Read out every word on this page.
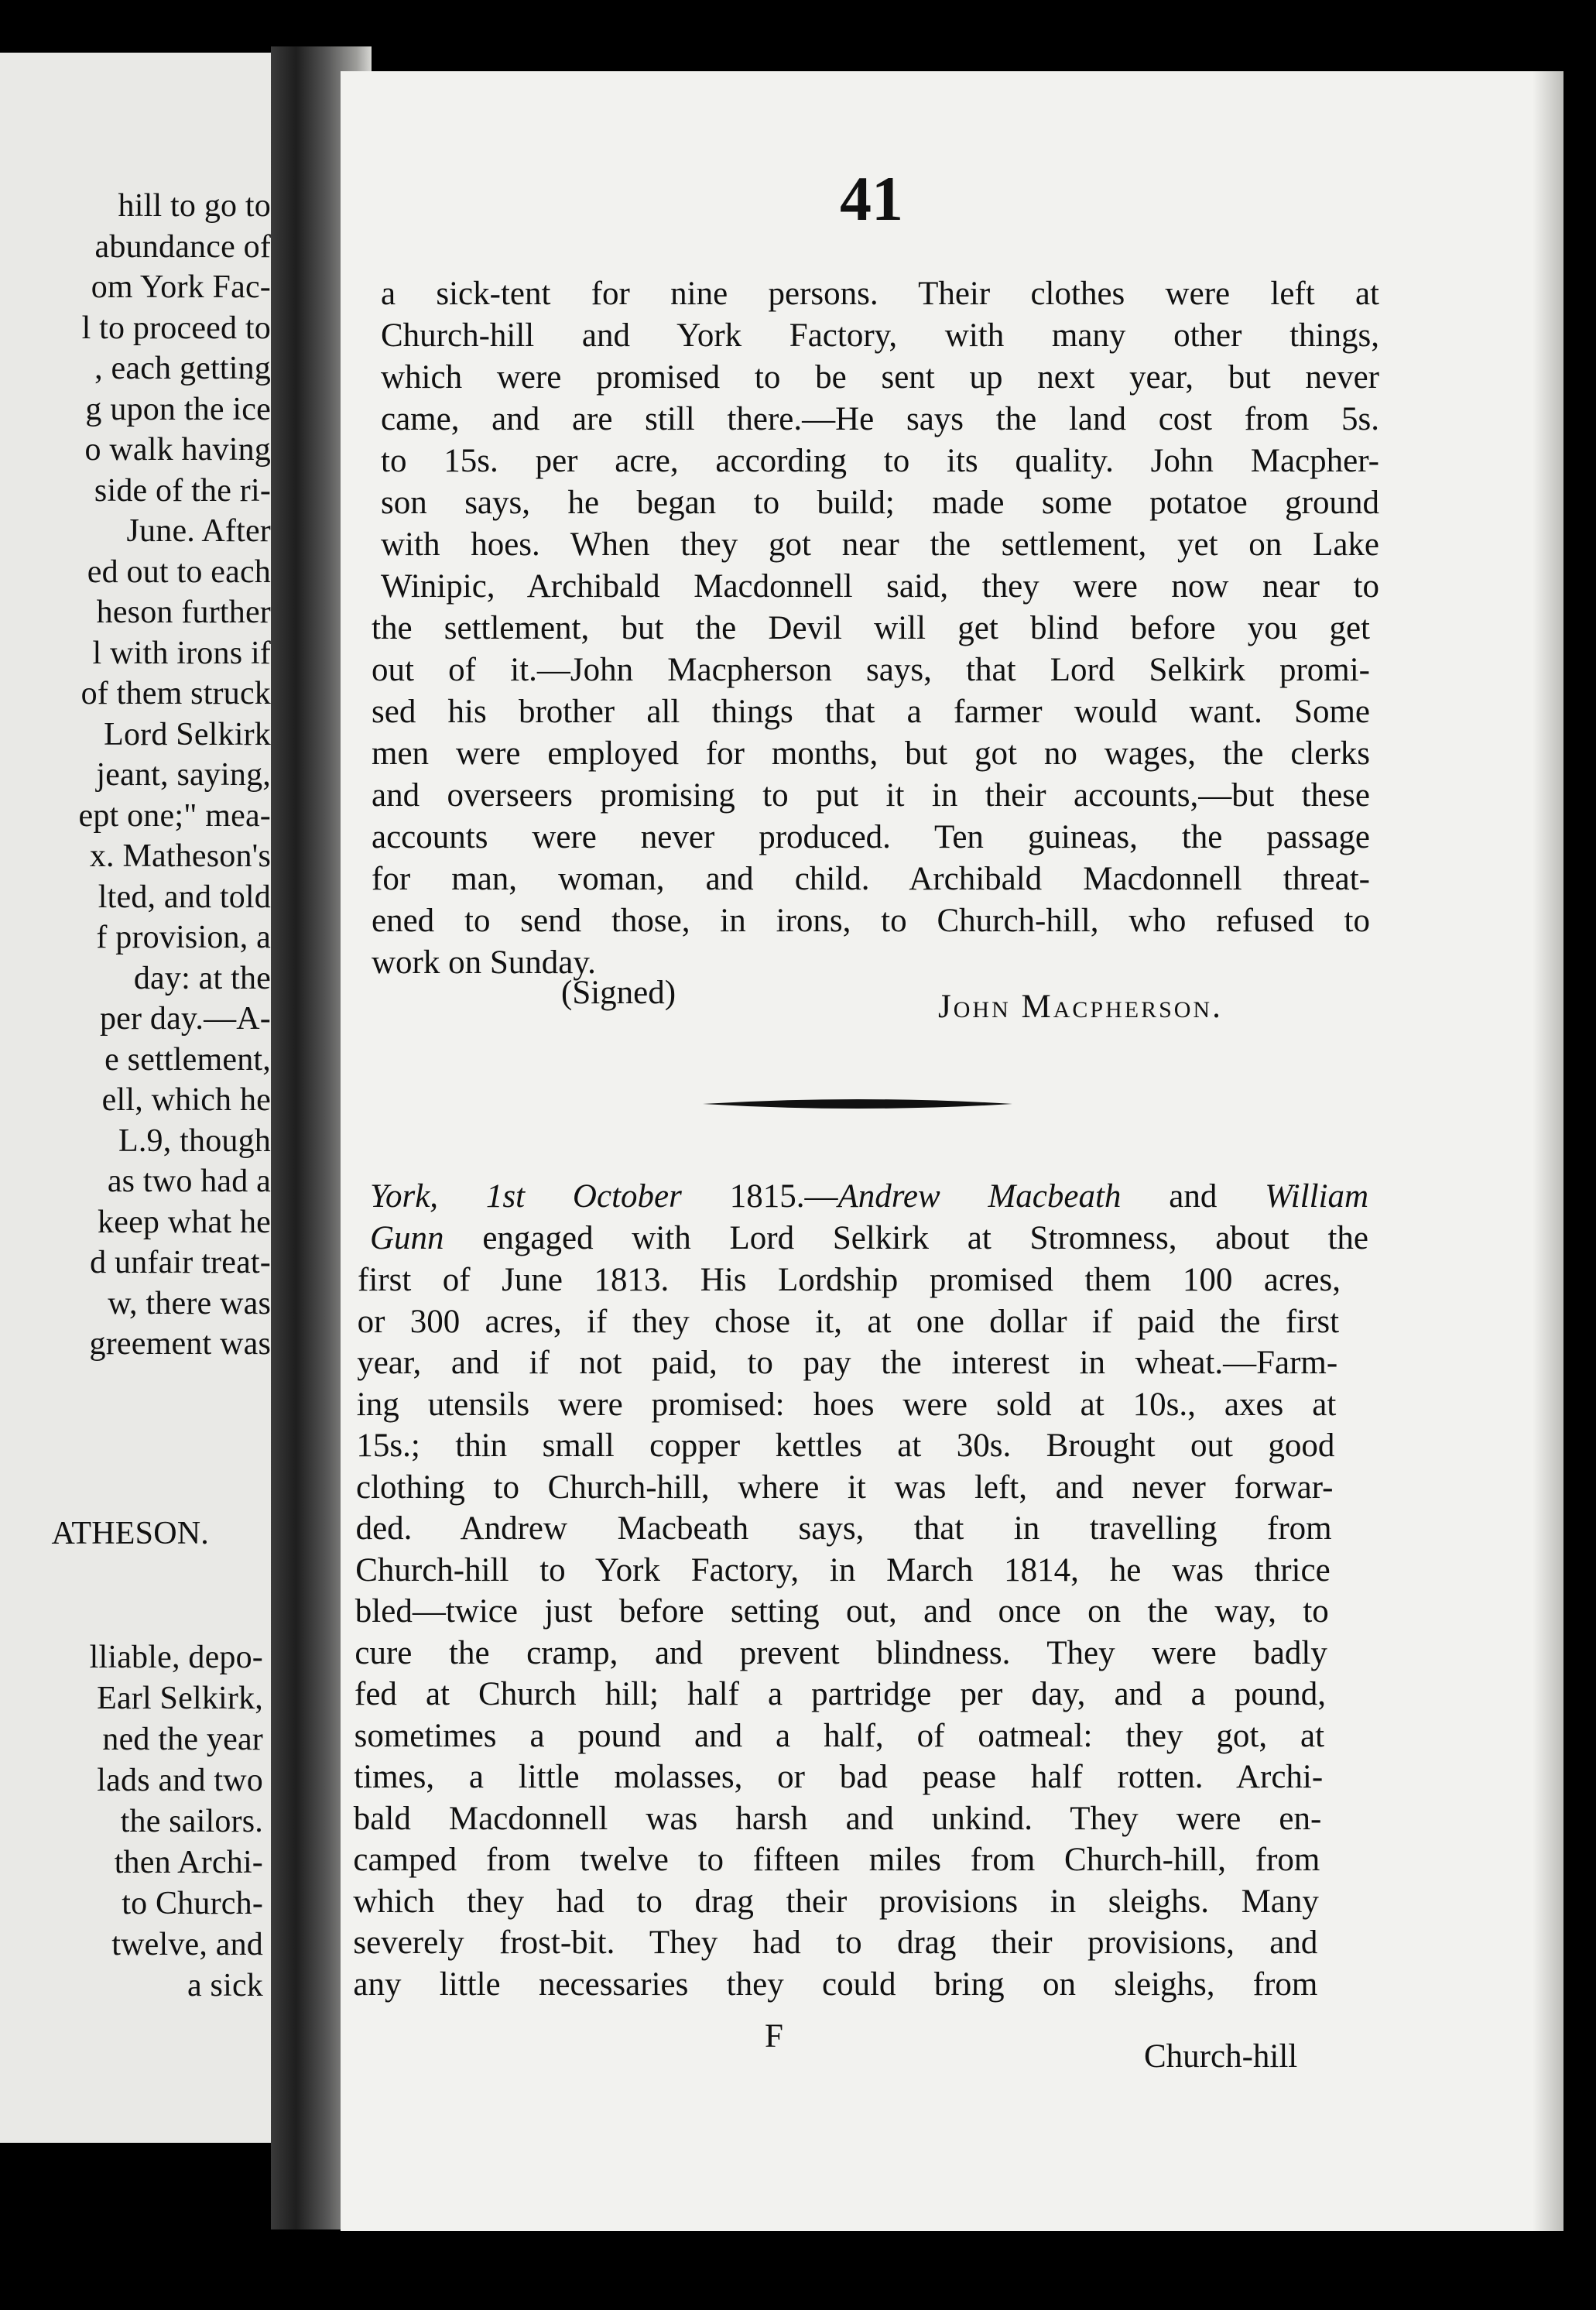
hill to go to
abundance of
om York Fac-
l to proceed to
, each getting
g upon the ice
o walk having
side of the ri-
June. After
ed out to each
heson further
l with irons if
of them struck
Lord Selkirk
jeant, saying,
ept one;" mea-
x. Matheson's
lted, and told
f provision, a
day: at the
per day.—A-
e settlement,
ell, which he
L.9, though
as two had a
keep what he
d unfair treat-
w, there was
greement was
ATHESON.
lliable, depo-
Earl Selkirk,
ned the year
lads and two
the sailors.
then Archi-
to Church-
twelve, and
a sick
41
a sick-tent for nine persons. Their clothes were left at
Church-hill and York Factory, with many other things,
which were promised to be sent up next year, but never
came, and are still there.—He says the land cost from 5s.
to 15s. per acre, according to its quality. John Macpher-
son says, he began to build; made some potatoe ground
with hoes. When they got near the settlement, yet on Lake
Winipic, Archibald Macdonnell said, they were now near to
the settlement, but the Devil will get blind before you get
out of it.—John Macpherson says, that Lord Selkirk promi-
sed his brother all things that a farmer would want. Some
men were employed for months, but got no wages, the clerks
and overseers promising to put it in their accounts,—but these
accounts were never produced. Ten guineas, the passage
for man, woman, and child. Archibald Macdonnell threat-
ened to send those, in irons, to Church-hill, who refused to
work on Sunday.
(Signed)	John Macpherson.
York, 1st October 1815.—Andrew Macbeath and William
Gunn engaged with Lord Selkirk at Stromness, about the
first of June 1813. His Lordship promised them 100 acres,
or 300 acres, if they chose it, at one dollar if paid the first
year, and if not paid, to pay the interest in wheat.—Farm-
ing utensils were promised: hoes were sold at 10s., axes at
15s.; thin small copper kettles at 30s. Brought out good
clothing to Church-hill, where it was left, and never forwar-
ded. Andrew Macbeath says, that in travelling from
Church-hill to York Factory, in March 1814, he was thrice
bled—twice just before setting out, and once on the way, to
cure the cramp, and prevent blindness. They were badly
fed at Church hill; half a partridge per day, and a pound,
sometimes a pound and a half, of oatmeal: they got, at
times, a little molasses, or bad pease half rotten. Archi-
bald Macdonnell was harsh and unkind. They were en-
camped from twelve to fifteen miles from Church-hill, from
which they had to drag their provisions in sleighs. Many
severely frost-bit. They had to drag their provisions, and
any little necessaries they could bring on sleighs, from
F
Church-hill
